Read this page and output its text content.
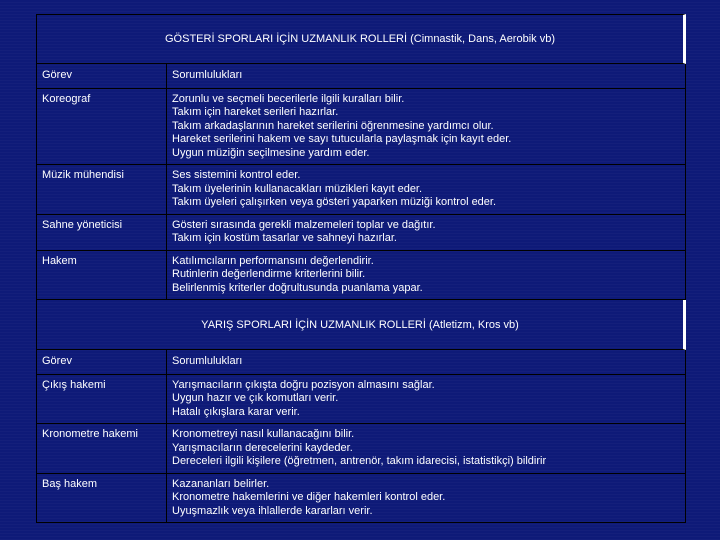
GÖSTERİ SPORLARI İÇİN UZMANLIK ROLLERİ (Cimnastik, Dans, Aerobik vb)
Görev	Sorumlulukları
Koreograf	Zorunlu ve seçmeli becerilerle ilgili kuralları bilir.
Takım için hareket serileri hazırlar.
Takım arkadaşlarının hareket serilerini öğrenmesine yardımcı olur.
Hareket serilerini hakem ve sayı tutucularla paylaşmak için kayıt eder.
Uygun müziğin seçilmesine yardım eder.
Müzik mühendisi	Ses sistemini kontrol eder.
Takım üyelerinin kullanacakları müzikleri kayıt eder.
Takım üyeleri çalışırken veya gösteri yaparken müziği kontrol eder.
Sahne yöneticisi	Gösteri sırasında gerekli malzemeleri toplar ve dağıtır.
Takım için kostüm tasarlar ve sahneyi hazırlar.
Hakem	Katılımcıların performansını değerlendirir.
Rutinlerin değerlendirme kriterlerini bilir.
Belirlenmiş kriterler doğrultusunda puanlama yapar.
YARIŞ SPORLARI İÇİN UZMANLIK ROLLERİ (Atletizm, Kros vb)
Görev	Sorumlulukları
Çıkış hakemi	Yarışmacıların çıkışta doğru pozisyon almasını sağlar.
Uygun hazır ve çık komutları verir.
Hatalı çıkışlara karar verir.
Kronometre hakemi	Kronometreyi nasıl kullanacağını bilir.
Yarışmacıların derecelerini kaydeder.
Dereceleri ilgili kişilere (öğretmen, antrenör, takım idarecisi, istatistikçi) bildirir
Baş hakem	Kazananları belirler.
Kronometre hakemlerini ve diğer hakemleri kontrol eder.
Uyuşmazlık veya ihlallerde kararları verir.
